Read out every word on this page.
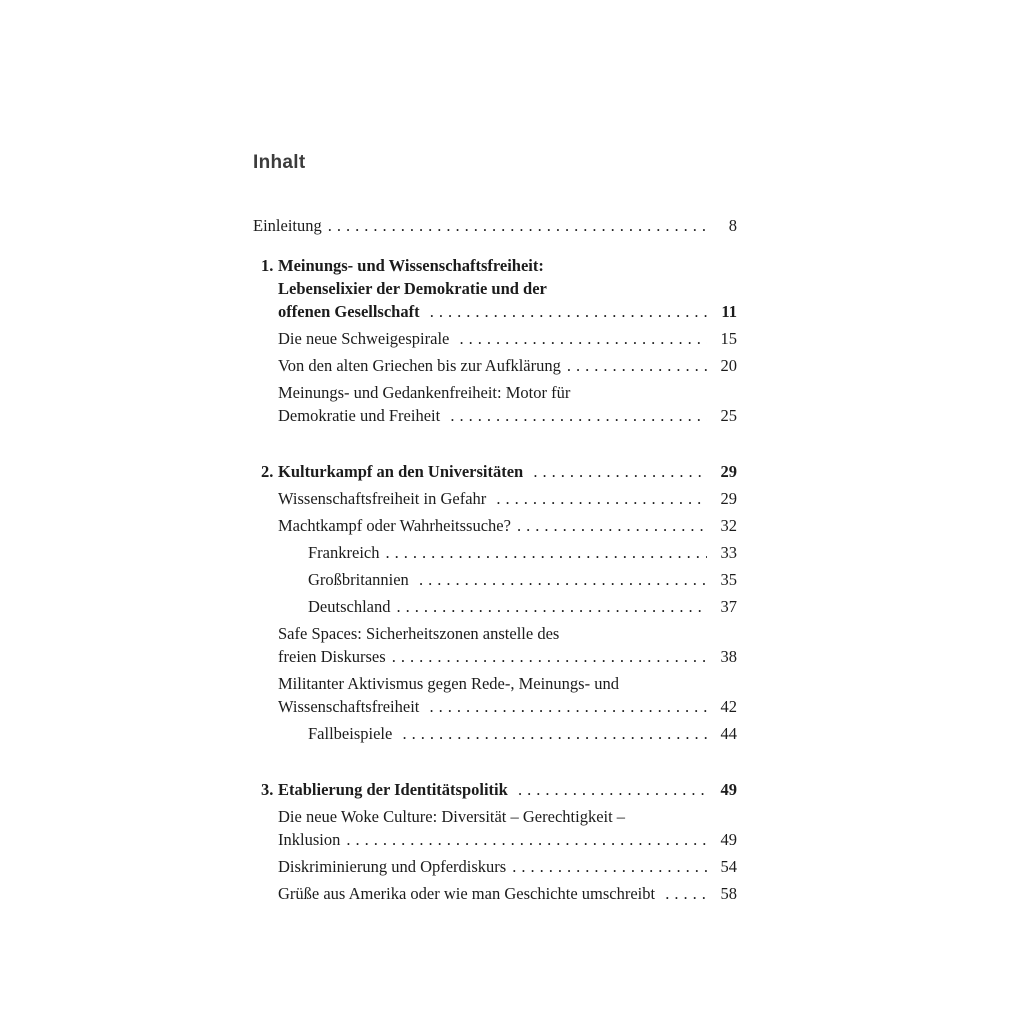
Inhalt
Einleitung .....	8
1. Meinungs- und Wissenschaftsfreiheit:
Lebenselixier der Demokratie und der
offenen Gesellschaft .....	11
Die neue Schweigespirale .....	15
Von den alten Griechen bis zur Aufklärung .....	20
Meinungs- und Gedankenfreiheit: Motor für
Demokratie und Freiheit .....	25
2. Kulturkampf an den Universitäten .....	29
Wissenschaftsfreiheit in Gefahr .....	29
Machtkampf oder Wahrheitssuche? .....	32
Frankreich .....	33
Großbritannien .....	35
Deutschland .....	37
Safe Spaces: Sicherheitszonen anstelle des
freien Diskurses .....	38
Militanter Aktivismus gegen Rede-, Meinungs- und
Wissenschaftsfreiheit .....	42
Fallbeispiele .....	44
3. Etablierung der Identitätspolitik .....	49
Die neue Woke Culture: Diversität – Gerechtigkeit –
Inklusion .....	49
Diskriminierung und Opferdiskurs .....	54
Grüße aus Amerika oder wie man Geschichte umschreibt .....	58
